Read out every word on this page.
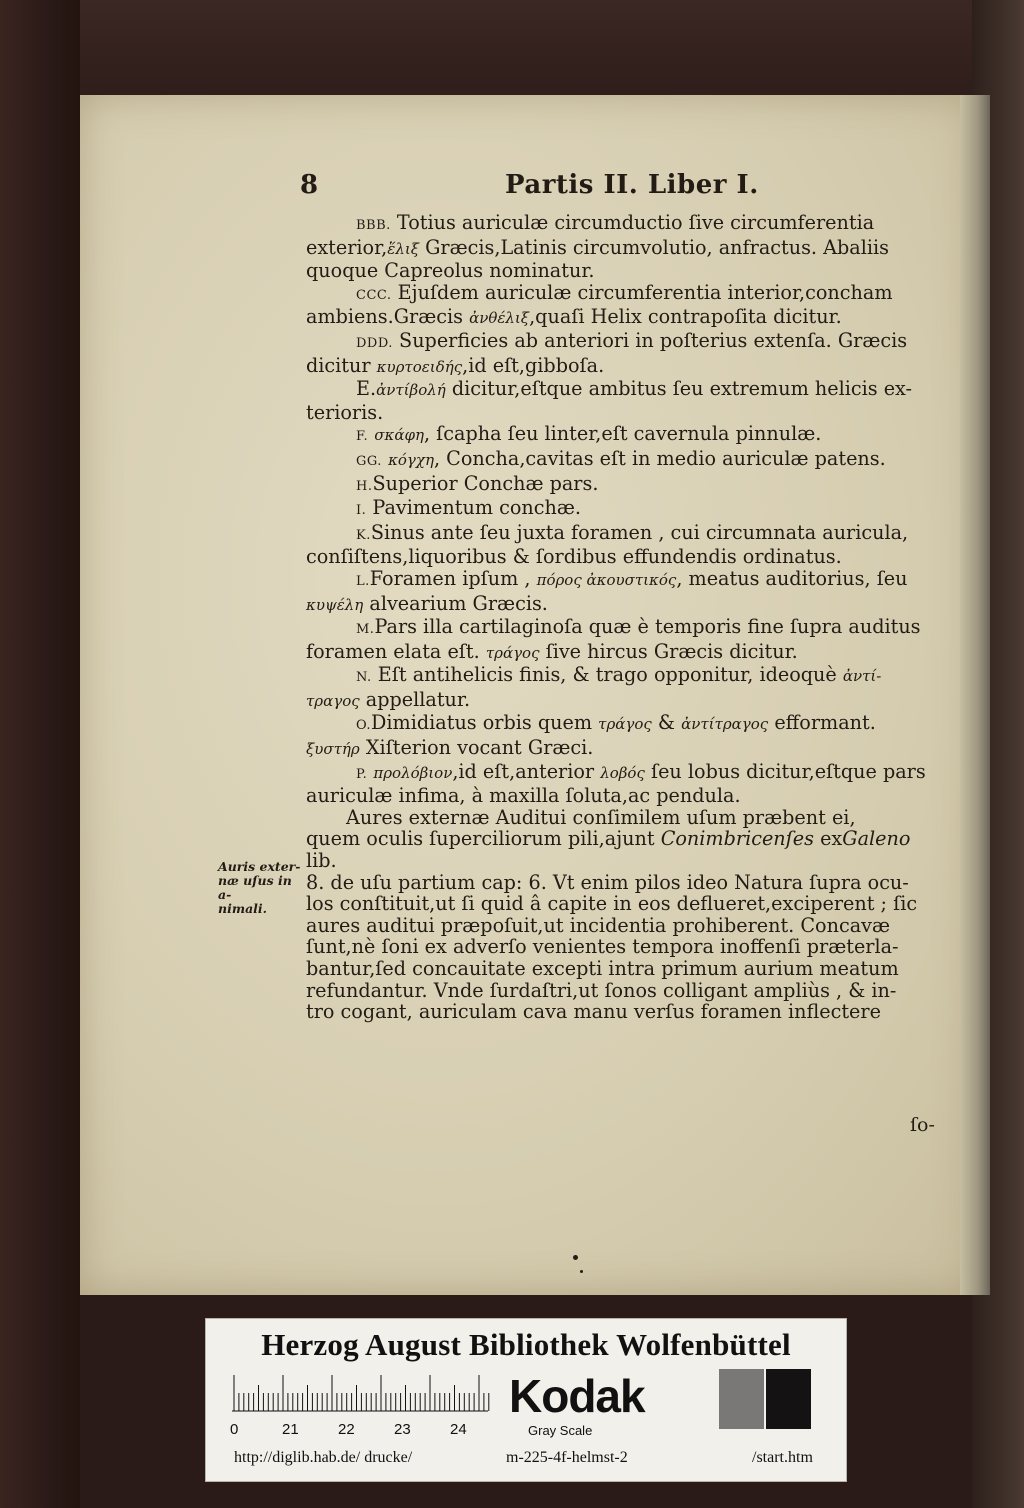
8	Partis II. Liber I.

BBB. Totius auriculæ circumductio ſive circumferentia

exterior,ἕλιξ Græcis,Latinis circumvolutio, anfractus. Abaliis

quoque Capreolus nominatur.

CCC. Ejuſdem auriculæ circumferentia interior,concham

ambiens.Græcis ἀνθέλιξ,quaſi Helix contrapoſita dicitur.

DDD. Superficies ab anteriori in poſterius extenſa. Græcis

dicitur κυρτοειδής,id eſt,gibboſa.

E.ἀντίβολή dicitur,eſtque ambitus ſeu extremum helicis ex-

terioris.

F. σκάφη, ſcapha ſeu linter,eſt cavernula pinnulæ.

GG. κόγχη, Concha,cavitas eſt in medio auriculæ patens.

H.Superior Conchæ pars.

I. Pavimentum conchæ.

K.Sinus ante ſeu juxta foramen , cui circumnata auricula,

conſiſtens,liquoribus & ſordibus effundendis ordinatus.

L.Foramen ipſum , πόρος ἀκουστικός, meatus auditorius, ſeu

κυψέλη alvearium Græcis.

M.Pars illa cartilaginoſa quæ è temporis fine ſupra auditus

foramen elata eſt. τράγος ſive hircus Græcis dicitur.

N. Eſt antihelicis finis, & trago opponitur, ideoquè ἀντί-

τραγος appellatur.

O.Dimidiatus orbis quem τράγος & ἀντίτραγος efformant.

ξυστήρ Xiſterion vocant Græci.

P. προλόβιον,id eſt,anterior λοβός ſeu lobus dicitur,eſtque pars

auriculæ infima, à maxilla ſoluta,ac pendula.

Aures externæ Auditui conſimilem uſum præbent ei,

quem oculis ſuperciliorum pili,ajunt Conimbricenſes exGaleno lib.

8. de uſu partium cap: 6. Vt enim pilos ideo Natura ſupra ocu-

los conſtituit,ut ſi quid â capite in eos deflueret,exciperent ; ſic

aures auditui præpoſuit,ut incidentia prohiberent. Concavæ

ſunt,nè ſoni ex adverſo venientes tempora inoffenſi præterla-

bantur,ſed concauitate excepti intra primum aurium meatum

refundantur. Vnde ſurdaſtri,ut ſonos colligant ampliùs , & in-

tro cogant, auriculam cava manu verſus foramen inflectere

Auris exter-
næ uſus in a-
nimali.
ſo-
Herzog August Bibliothek Wolfenbüttel
0	21	22	23	24
Kodak
Gray Scale
http://diglib.hab.de/ drucke/	m-225-4f-helmst-2	/start.htm
